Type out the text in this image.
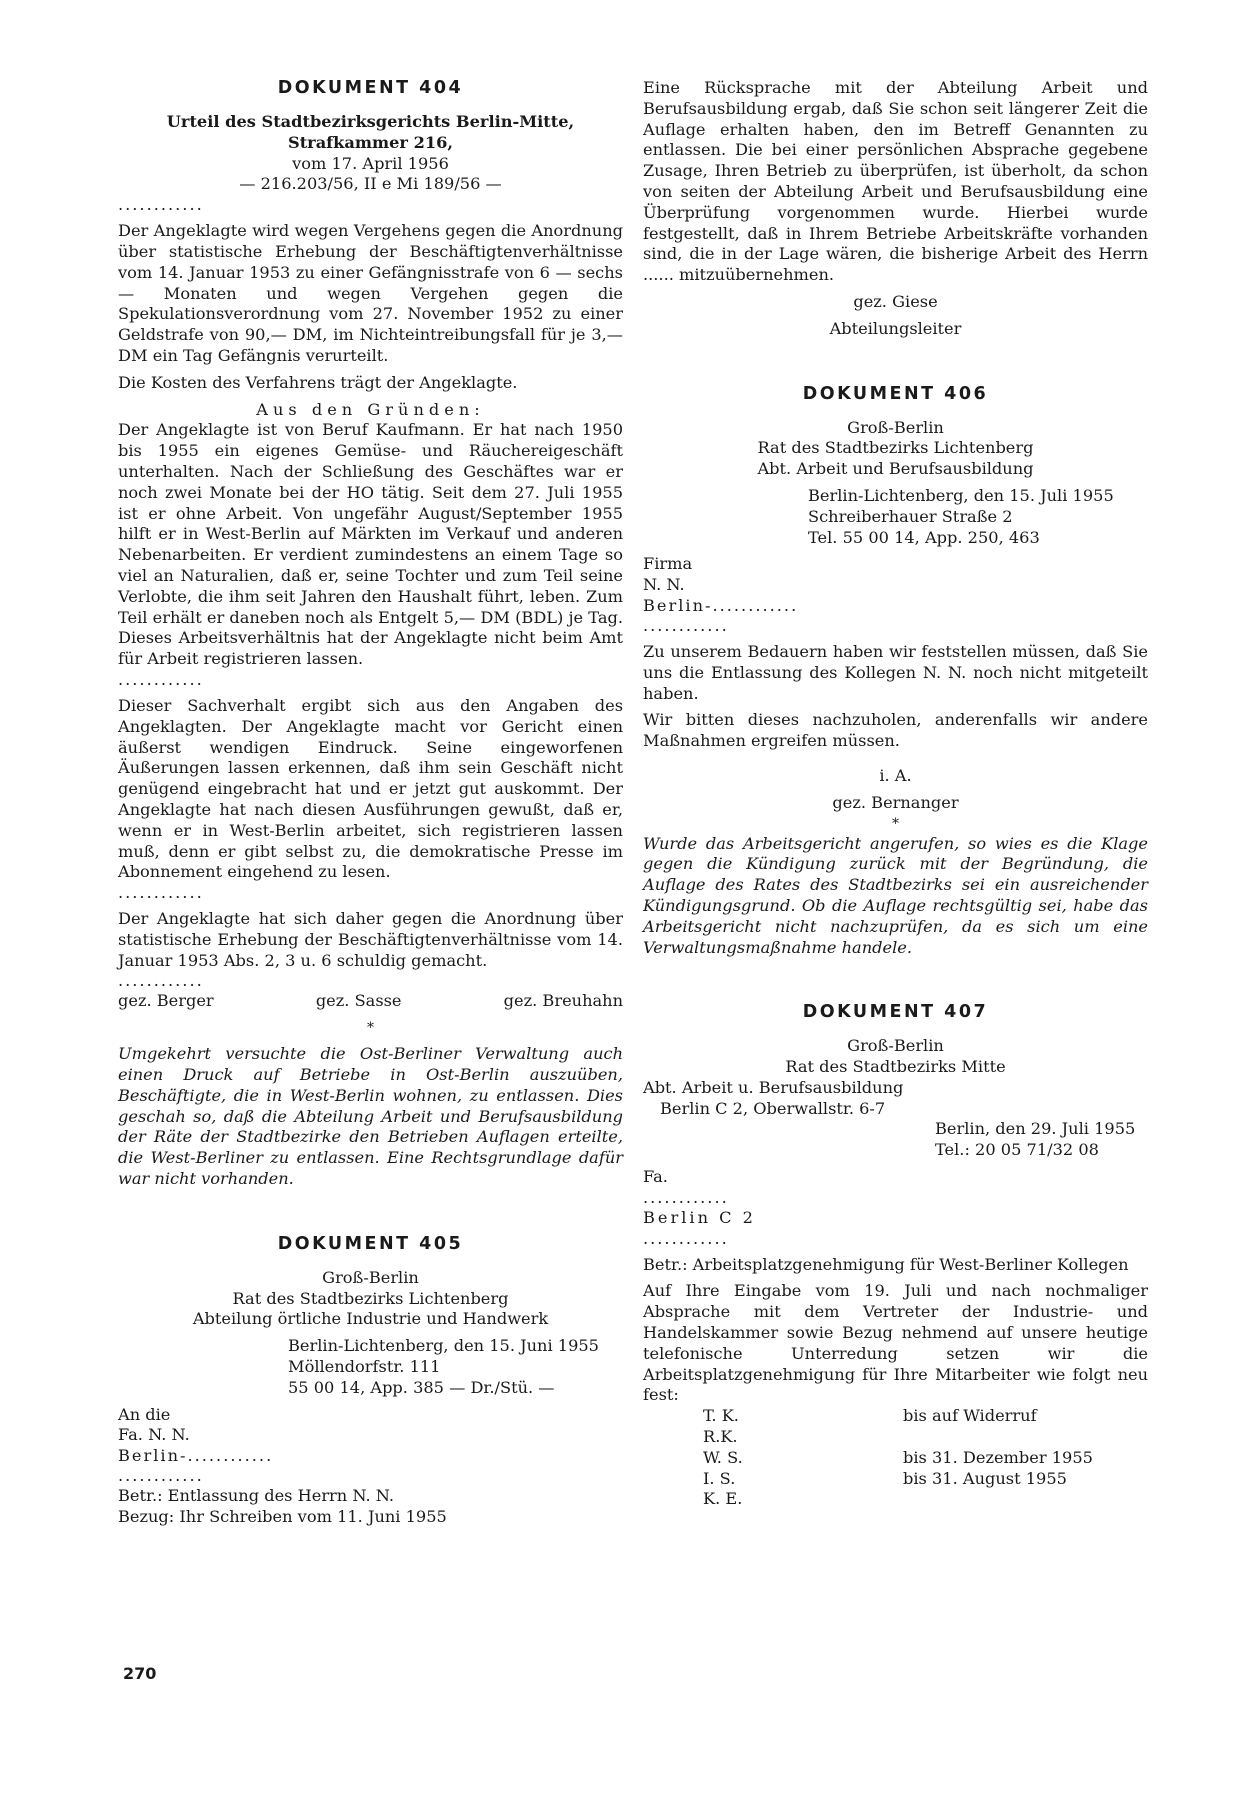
DOKUMENT 404

Urteil des Stadtbezirksgerichts Berlin-Mitte,

Strafkammer 216,

vom 17. April 1956

— 216.203/56, II e Mi 189/56 —

............

Der Angeklagte wird wegen Vergehens gegen die Anordnung über statistische Erhebung der Beschäftigtenverhältnisse vom 14. Januar 1953 zu einer Gefängnisstrafe von 6 — sechs — Monaten und wegen Vergehen gegen die Spekulationsverordnung vom 27. November 1952 zu einer Geldstrafe von 90,— DM, im Nichteintreibungsfall für je 3,— DM ein Tag Gefängnis verurteilt.

Die Kosten des Verfahrens trägt der Angeklagte.

Aus den Gründen:

Der Angeklagte ist von Beruf Kaufmann. Er hat nach 1950 bis 1955 ein eigenes Gemüse- und Räuchereigeschäft unterhalten. Nach der Schließung des Geschäftes war er noch zwei Monate bei der HO tätig. Seit dem 27. Juli 1955 ist er ohne Arbeit. Von ungefähr August/September 1955 hilft er in West-Berlin auf Märkten im Verkauf und anderen Nebenarbeiten. Er verdient zumindestens an einem Tage so viel an Naturalien, daß er, seine Tochter und zum Teil seine Verlobte, die ihm seit Jahren den Haushalt führt, leben. Zum Teil erhält er daneben noch als Entgelt 5,— DM (BDL) je Tag. Dieses Arbeitsverhältnis hat der Angeklagte nicht beim Amt für Arbeit registrieren lassen.

............

Dieser Sachverhalt ergibt sich aus den Angaben des Angeklagten. Der Angeklagte macht vor Gericht einen äußerst wendigen Eindruck. Seine eingeworfenen Äußerungen lassen erkennen, daß ihm sein Geschäft nicht genügend eingebracht hat und er jetzt gut auskommt. Der Angeklagte hat nach diesen Ausführungen gewußt, daß er, wenn er in West-Berlin arbeitet, sich registrieren lassen muß, denn er gibt selbst zu, die demokratische Presse im Abonnement eingehend zu lesen.

............

Der Angeklagte hat sich daher gegen die Anordnung über statistische Erhebung der Beschäftigtenverhältnisse vom 14. Januar 1953 Abs. 2, 3 u. 6 schuldig gemacht.

............

gez. Berger	gez. Sasse	gez. Breuhahn
*

Umgekehrt versuchte die Ost-Berliner Verwaltung auch einen Druck auf Betriebe in Ost-Berlin auszuüben, Beschäftigte, die in West-Berlin wohnen, zu entlassen. Dies geschah so, daß die Abteilung Arbeit und Berufsausbildung der Räte der Stadtbezirke den Betrieben Auflagen erteilte, die West-Berliner zu entlassen. Eine Rechtsgrundlage dafür war nicht vorhanden.

DOKUMENT 405

Groß-Berlin

Rat des Stadtbezirks Lichtenberg

Abteilung örtliche Industrie und Handwerk

Berlin-Lichtenberg, den 15. Juni 1955

Möllendorfstr. 111

55 00 14, App. 385 — Dr./Stü. —

An die

Fa. N. N.

Berlin-............

............

Betr.: Entlassung des Herrn N. N.

Bezug: Ihr Schreiben vom 11. Juni 1955

Eine Rücksprache mit der Abteilung Arbeit und Berufsausbildung ergab, daß Sie schon seit längerer Zeit die Auflage erhalten haben, den im Betreff Genannten zu entlassen. Die bei einer persönlichen Absprache gegebene Zusage, Ihren Betrieb zu überprüfen, ist überholt, da schon von seiten der Abteilung Arbeit und Berufsausbildung eine Überprüfung vorgenommen wurde. Hierbei wurde festgestellt, daß in Ihrem Betriebe Arbeitskräfte vorhanden sind, die in der Lage wären, die bisherige Arbeit des Herrn ...... mitzuübernehmen.

gez. Giese

Abteilungsleiter

DOKUMENT 406

Groß-Berlin

Rat des Stadtbezirks Lichtenberg

Abt. Arbeit und Berufsausbildung

Berlin-Lichtenberg, den 15. Juli 1955

Schreiberhauer Straße 2

Tel. 55 00 14, App. 250, 463

Firma

N. N.

Berlin-............

............

Zu unserem Bedauern haben wir feststellen müssen, daß Sie uns die Entlassung des Kollegen N. N. noch nicht mitgeteilt haben.

Wir bitten dieses nachzuholen, anderenfalls wir andere Maßnahmen ergreifen müssen.

i. A.

gez. Bernanger

*

Wurde das Arbeitsgericht angerufen, so wies es die Klage gegen die Kündigung zurück mit der Begründung, die Auflage des Rates des Stadtbezirks sei ein ausreichender Kündigungsgrund. Ob die Auflage rechtsgültig sei, habe das Arbeitsgericht nicht nachzuprüfen, da es sich um eine Verwaltungsmaßnahme handele.

DOKUMENT 407

Groß-Berlin

Rat des Stadtbezirks Mitte

Abt. Arbeit u. Berufsausbildung

Berlin C 2, Oberwallstr. 6-7

Berlin, den 29. Juli 1955

Tel.: 20 05 71/32 08

Fa.

............

Berlin C 2

............

Betr.: Arbeitsplatzgenehmigung für West-Berliner Kollegen

Auf Ihre Eingabe vom 19. Juli und nach nochmaliger Absprache mit dem Vertreter der Industrie- und Handelskammer sowie Bezug nehmend auf unsere heutige telefonische Unterredung setzen wir die Arbeitsplatzgenehmigung für Ihre Mitarbeiter wie folgt neu fest:

T. K.	bis auf Widerruf
R.K.
W. S.	bis 31. Dezember 1955
I. S.	bis 31. August 1955
K. E.
270
